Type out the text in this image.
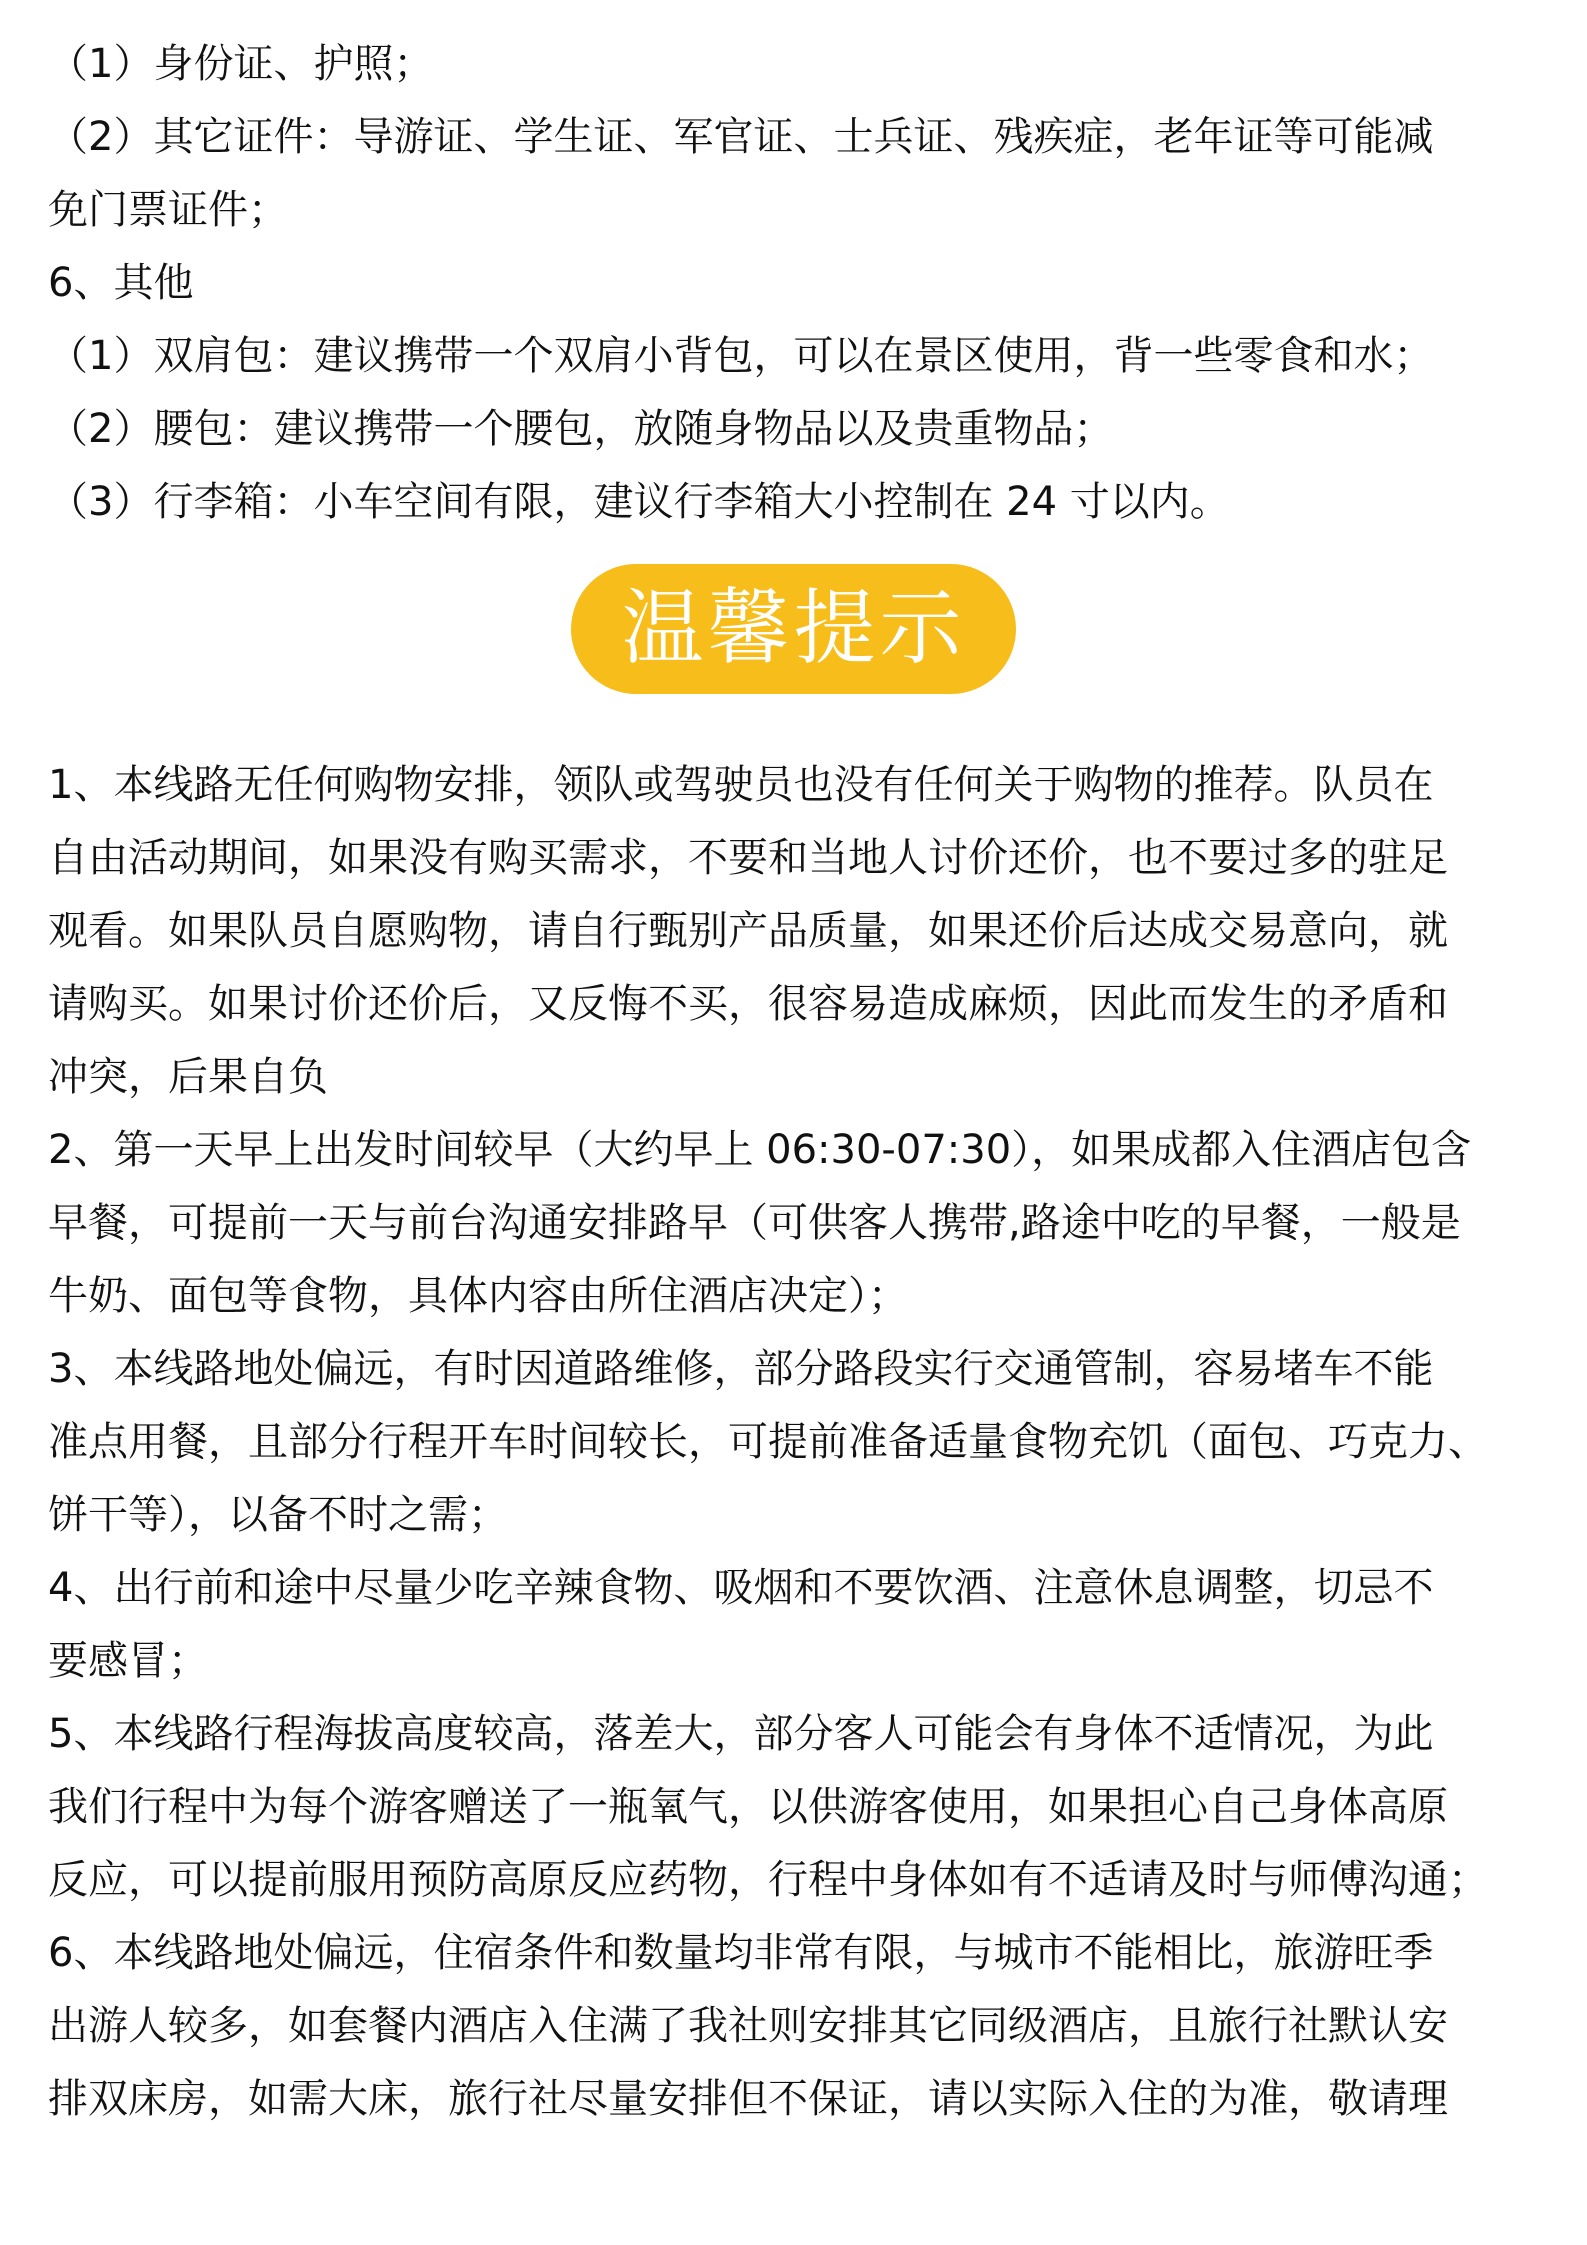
（1）身份证、护照；
（2）其它证件：导游证、学生证、军官证、士兵证、残疾症，老年证等可能减
免门票证件；
6、其他
（1）双肩包：建议携带一个双肩小背包，可以在景区使用，背一些零食和水；
（2）腰包：建议携带一个腰包，放随身物品以及贵重物品；
（3）行李箱：小车空间有限，建议行李箱大小控制在 24 寸以内。
温馨提示
1、本线路无任何购物安排，领队或驾驶员也没有任何关于购物的推荐。队员在
自由活动期间，如果没有购买需求，不要和当地人讨价还价，也不要过多的驻足
观看。如果队员自愿购物，请自行甄别产品质量，如果还价后达成交易意向，就
请购买。如果讨价还价后，又反悔不买，很容易造成麻烦，因此而发生的矛盾和
冲突，后果自负
2、第一天早上出发时间较早（大约早上 06:30-07:30），如果成都入住酒店包含
早餐，可提前一天与前台沟通安排路早（可供客人携带,路途中吃的早餐，一般是
牛奶、面包等食物，具体内容由所住酒店决定）；
3、本线路地处偏远，有时因道路维修，部分路段实行交通管制，容易堵车不能
准点用餐，且部分行程开车时间较长，可提前准备适量食物充饥（面包、巧克力、
饼干等），以备不时之需；
4、出行前和途中尽量少吃辛辣食物、吸烟和不要饮酒、注意休息调整，切忌不
要感冒；
5、本线路行程海拔高度较高，落差大，部分客人可能会有身体不适情况，为此
我们行程中为每个游客赠送了一瓶氧气，以供游客使用，如果担心自己身体高原
反应，可以提前服用预防高原反应药物，行程中身体如有不适请及时与师傅沟通；
6、本线路地处偏远，住宿条件和数量均非常有限，与城市不能相比，旅游旺季
出游人较多，如套餐内酒店入住满了我社则安排其它同级酒店，且旅行社默认安
排双床房，如需大床，旅行社尽量安排但不保证，请以实际入住的为准，敬请理
